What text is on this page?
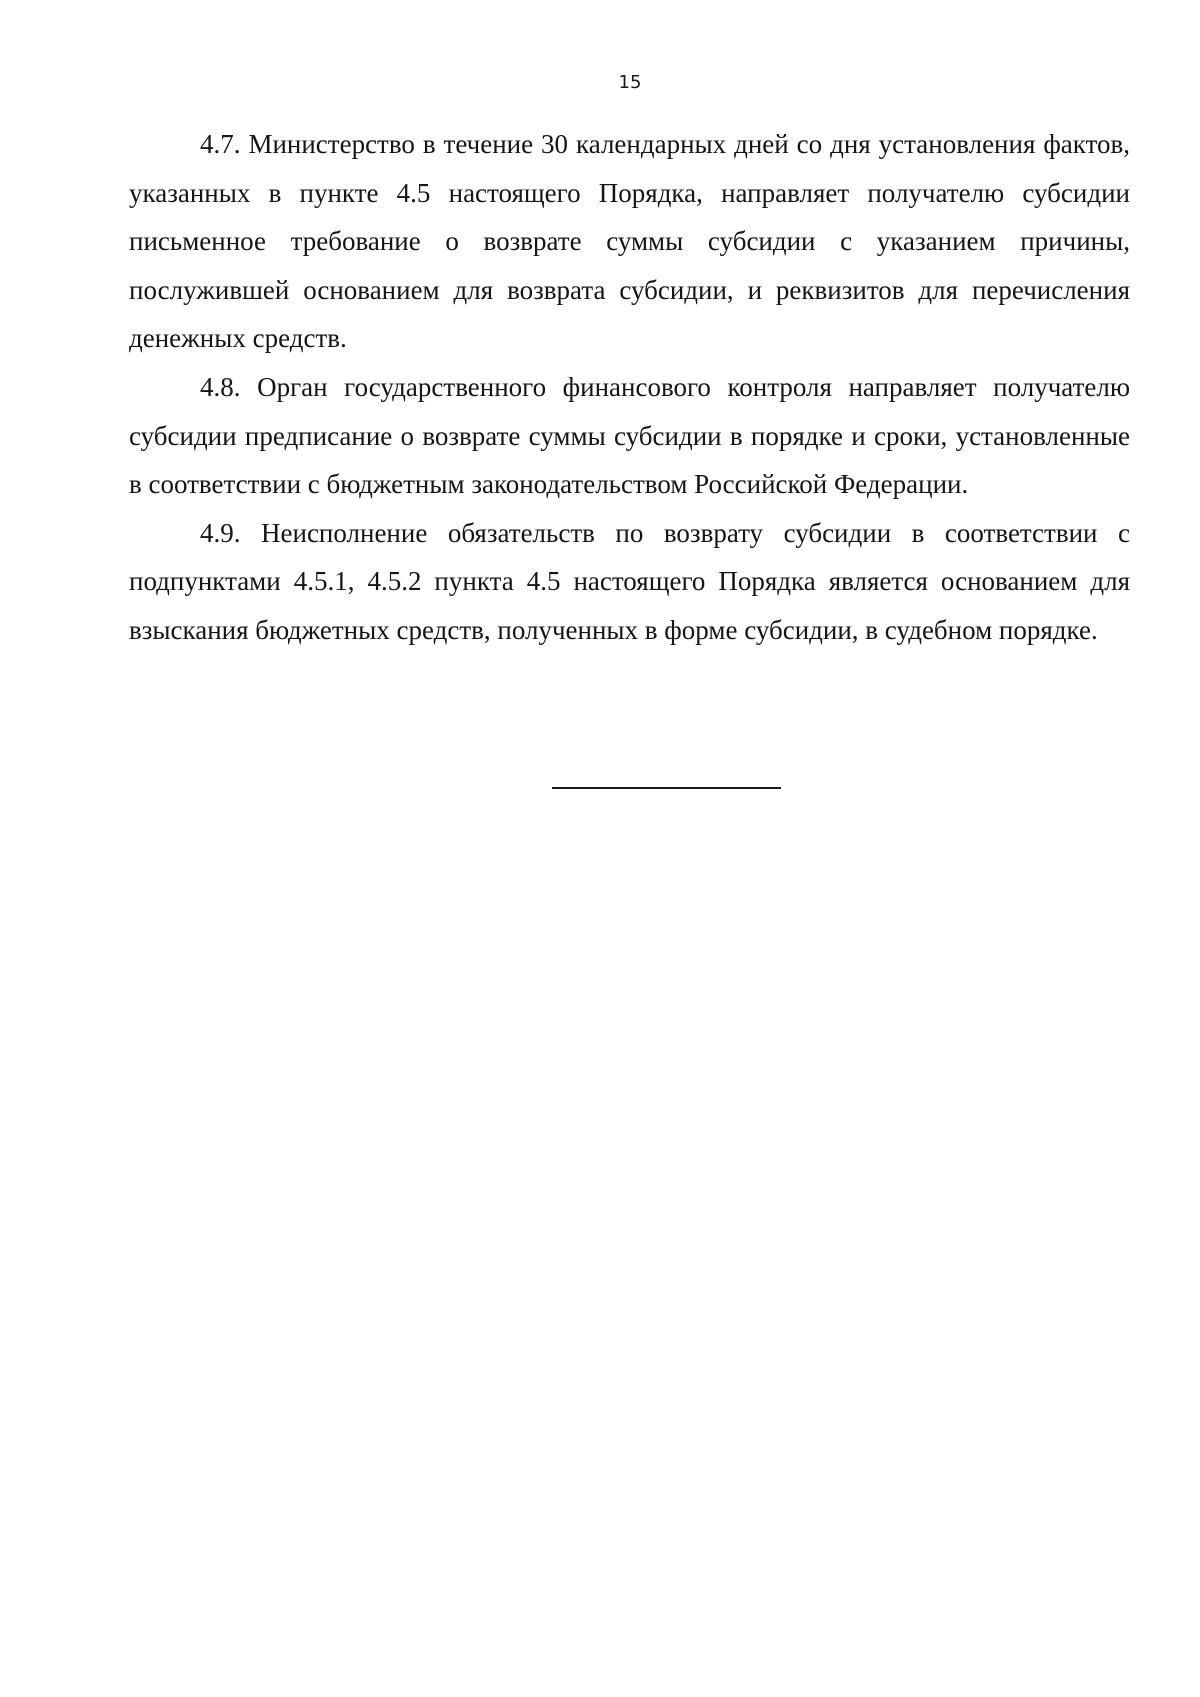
15

4.7. Министерство в течение 30 календарных дней со дня установления фактов, указанных в пункте 4.5 настоящего Порядка, направляет получателю субсидии письменное требование о возврате суммы субсидии с указанием причины, послужившей основанием для возврата субсидии, и реквизитов для перечисления денежных средств.

4.8. Орган государственного финансового контроля направляет получателю субсидии предписание о возврате суммы субсидии в порядке и сроки, установленные в соответствии с бюджетным законодательством Российской Федерации.

4.9. Неисполнение обязательств по возврату субсидии в соответствии с подпунктами 4.5.1, 4.5.2 пункта 4.5 настоящего Порядка является основанием для взыскания бюджетных средств, полученных в форме субсидии, в судебном порядке.
